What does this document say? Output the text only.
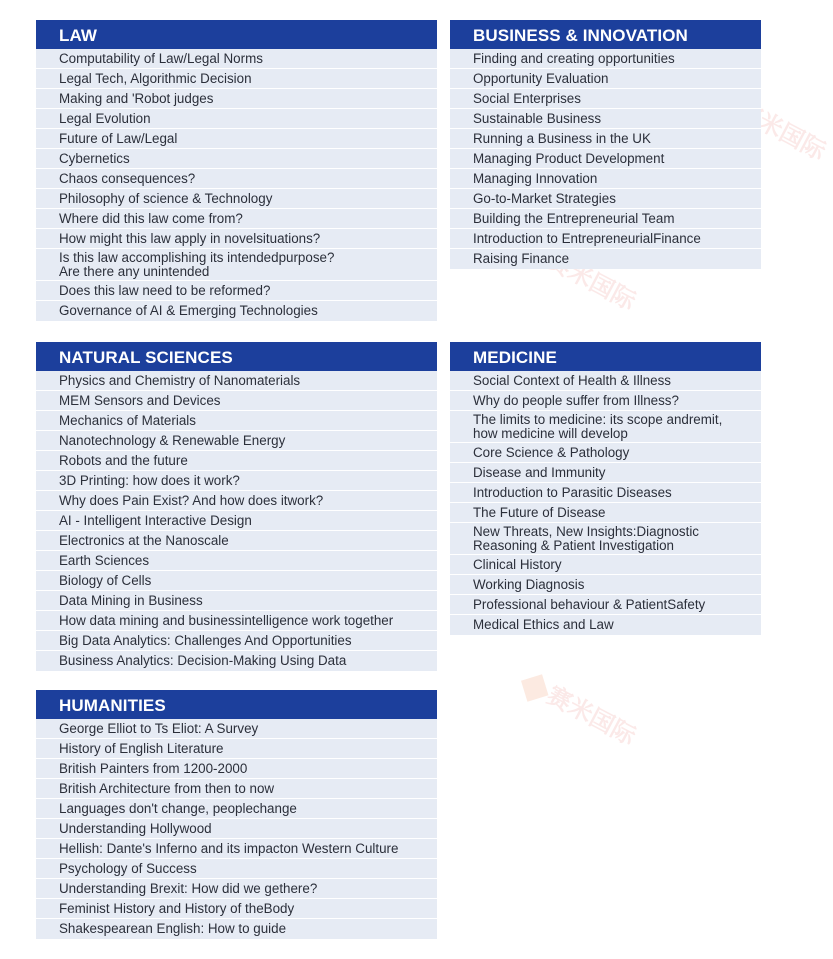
赛米国际
赛米国际
赛米国际
LAW
Computability of Law/Legal Norms
Legal Tech, Algorithmic Decision
Making and 'Robot judges
Legal Evolution
Future of Law/Legal
Cybernetics
Chaos consequences?
Philosophy of science & Technology
Where did this law come from?
How might this law apply in novelsituations?
Is this law accomplishing its intendedpurpose?
Are there any unintended
Does this law need to be reformed?
Governance of AI & Emerging Technologies
BUSINESS & INNOVATION
Finding and creating opportunities
Opportunity Evaluation
Social Enterprises
Sustainable Business
Running a Business in the UK
Managing Product Development
Managing Innovation
Go-to-Market Strategies
Building the Entrepreneurial Team
Introduction to EntrepreneurialFinance
Raising Finance
NATURAL SCIENCES
Physics and Chemistry of Nanomaterials
MEM Sensors and Devices
Mechanics of Materials
Nanotechnology & Renewable Energy
Robots and the future
3D Printing: how does it work?
Why does Pain Exist? And how does itwork?
AI - Intelligent Interactive Design
Electronics at the Nanoscale
Earth Sciences
Biology of Cells
Data Mining in Business
How data mining and businessintelligence work together
Big Data Analytics: Challenges And Opportunities
Business Analytics: Decision-Making Using Data
MEDICINE
Social Context of Health & Illness
Why do people suffer from Illness?
The limits to medicine: its scope andremit,
how medicine will develop
Core Science & Pathology
Disease and Immunity
Introduction to Parasitic Diseases
The Future of Disease
New Threats, New Insights:Diagnostic
Reasoning & Patient Investigation
Clinical History
Working Diagnosis
Professional behaviour & PatientSafety
Medical Ethics and Law
HUMANITIES
George Elliot to Ts Eliot: A Survey
History of English Literature
British Painters from 1200-2000
British Architecture from then to now
Languages don't change, peoplechange
Understanding Hollywood
Hellish: Dante's Inferno and its impacton Western Culture
Psychology of Success
Understanding Brexit: How did we gethere?
Feminist History and History of theBody
Shakespearean English: How to guide
